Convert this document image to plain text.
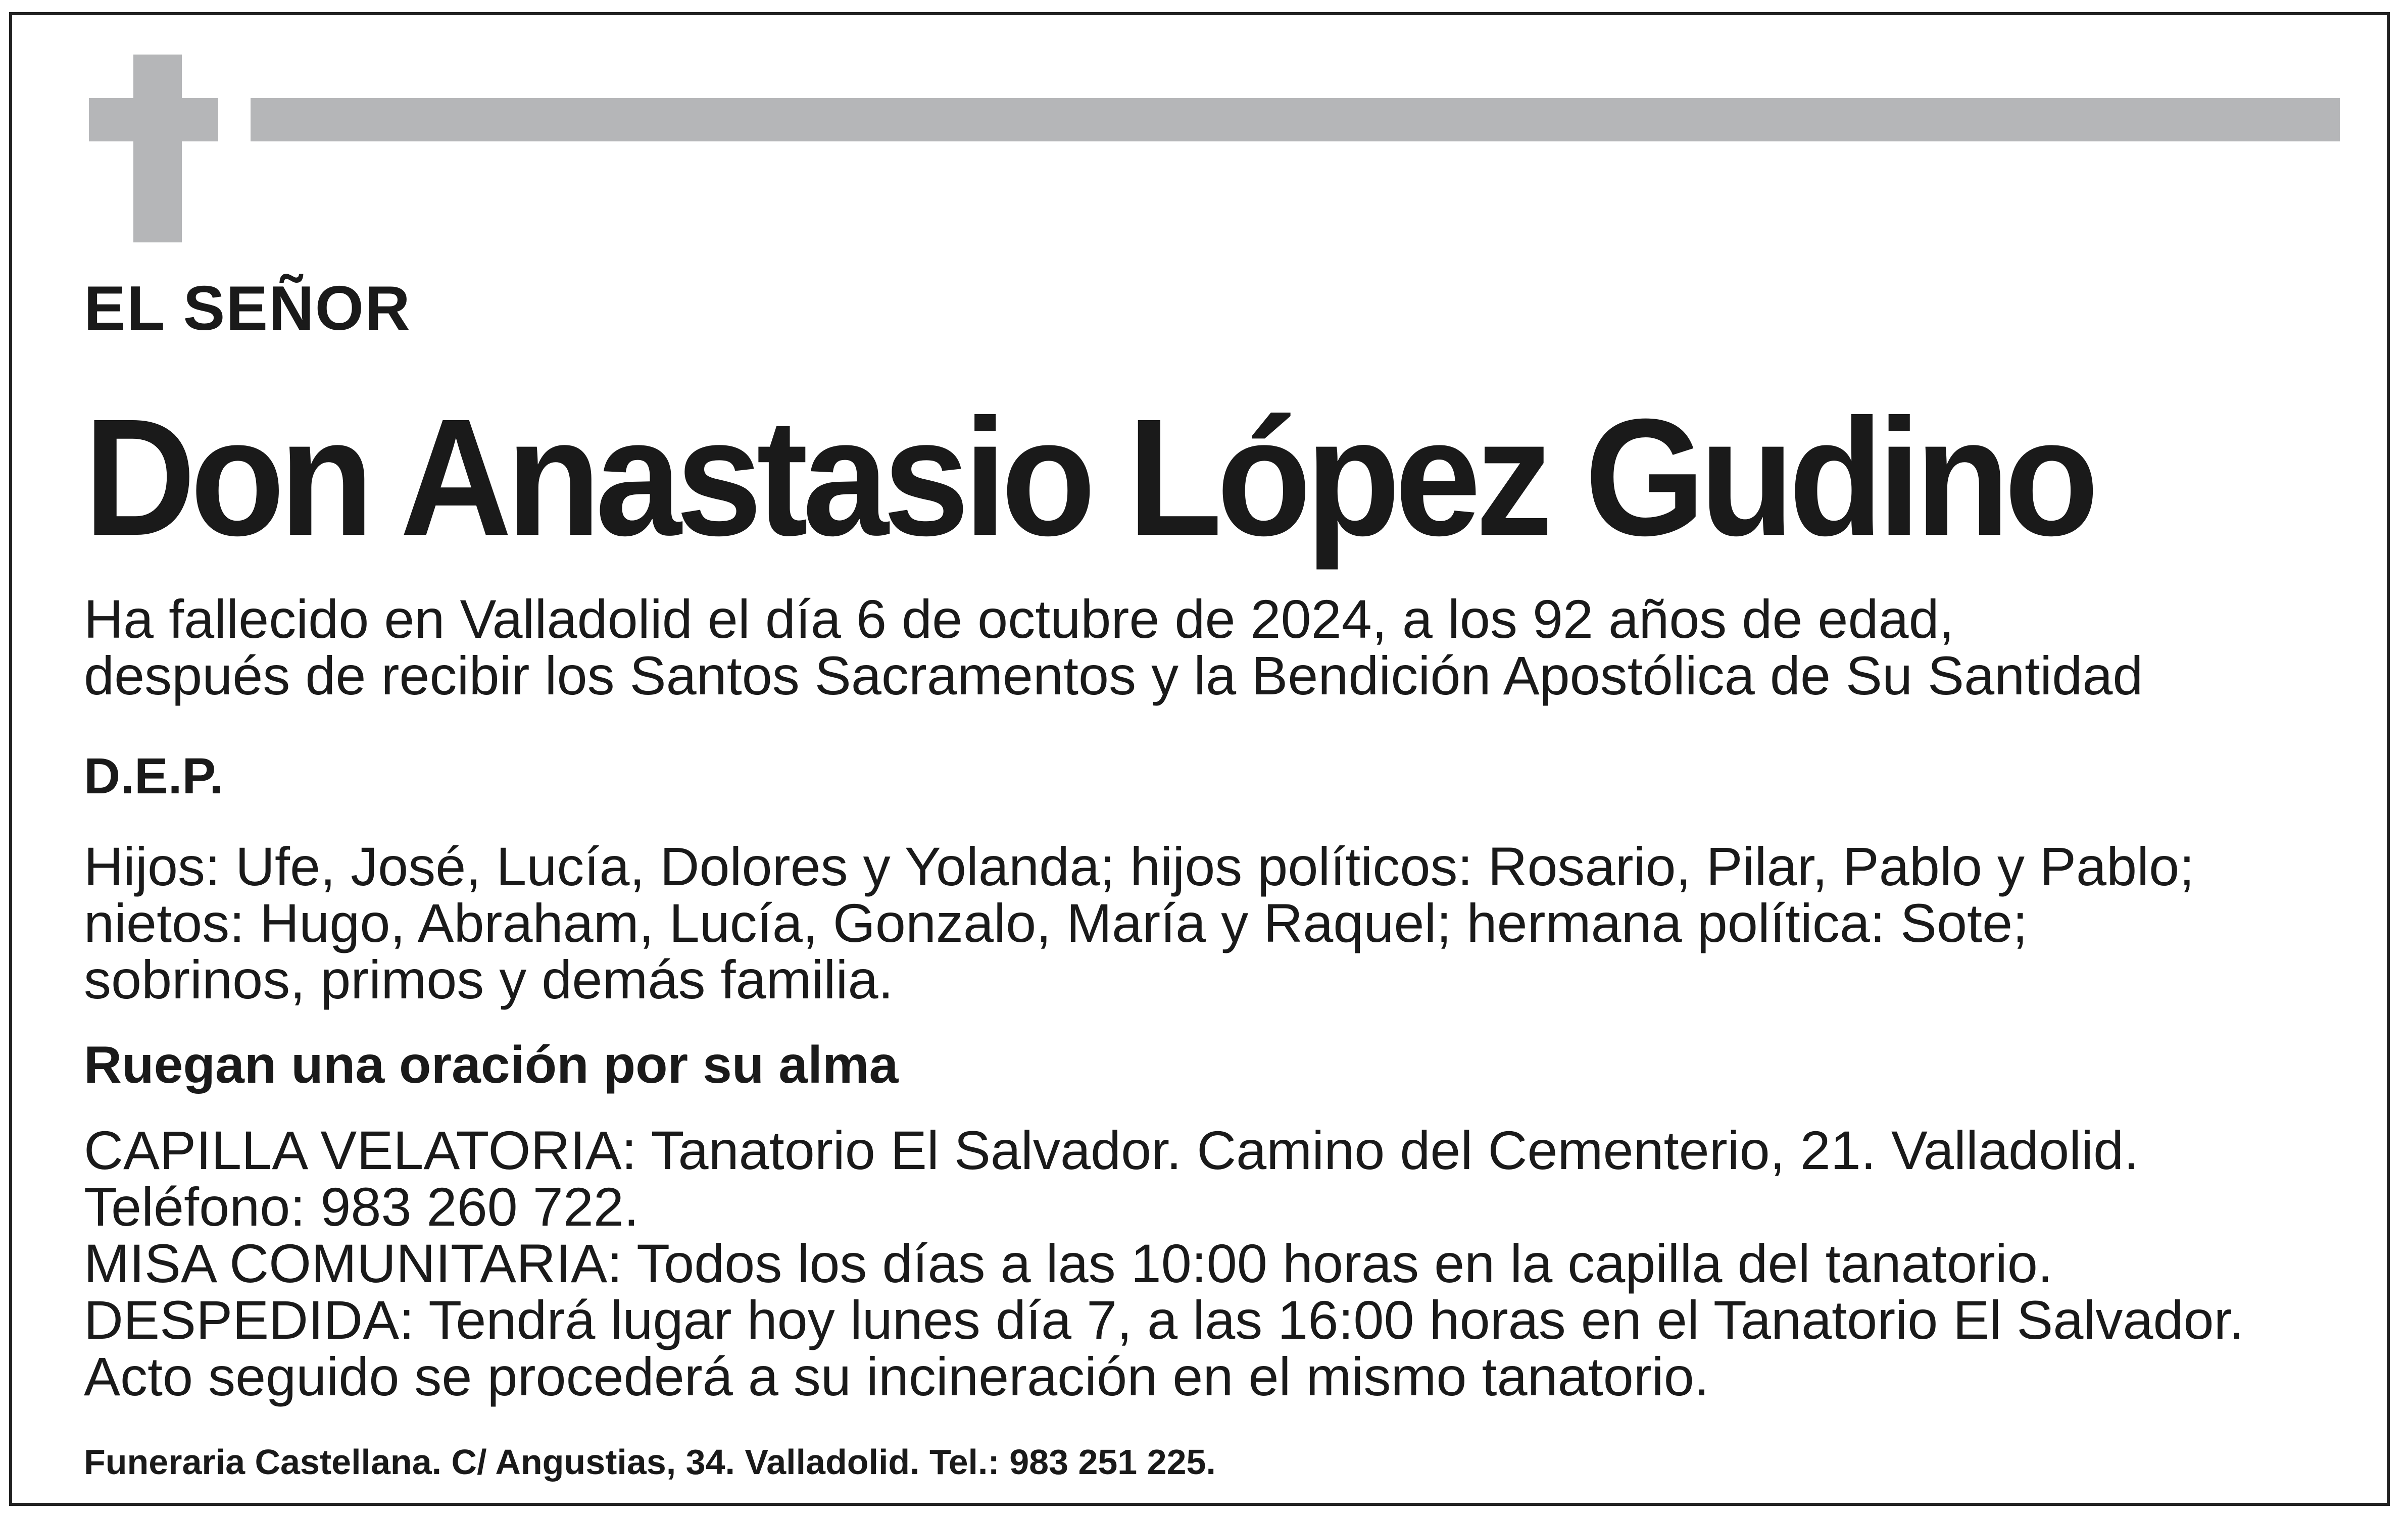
EL SEÑOR

Don Anastasio López Gudino

Ha fallecido en Valladolid el día 6 de octubre de 2024, a los 92 años de edad,
después de recibir los Santos Sacramentos y la Bendición Apostólica de Su Santidad

D.E.P.

Hijos: Ufe, José, Lucía, Dolores y Yolanda; hijos políticos: Rosario, Pilar, Pablo y Pablo;
nietos: Hugo, Abraham, Lucía, Gonzalo, María y Raquel; hermana política: Sote;
sobrinos, primos y demás familia.

Ruegan una oración por su alma

CAPILLA VELATORIA: Tanatorio El Salvador. Camino del Cementerio, 21. Valladolid.
Teléfono: 983 260 722.
MISA COMUNITARIA: Todos los días a las 10:00 horas en la capilla del tanatorio.
DESPEDIDA: Tendrá lugar hoy lunes día 7, a las 16:00 horas en el Tanatorio El Salvador.
Acto seguido se procederá a su incineración en el mismo tanatorio.

Funeraria Castellana. C/ Angustias, 34. Valladolid. Tel.: 983 251 225.
